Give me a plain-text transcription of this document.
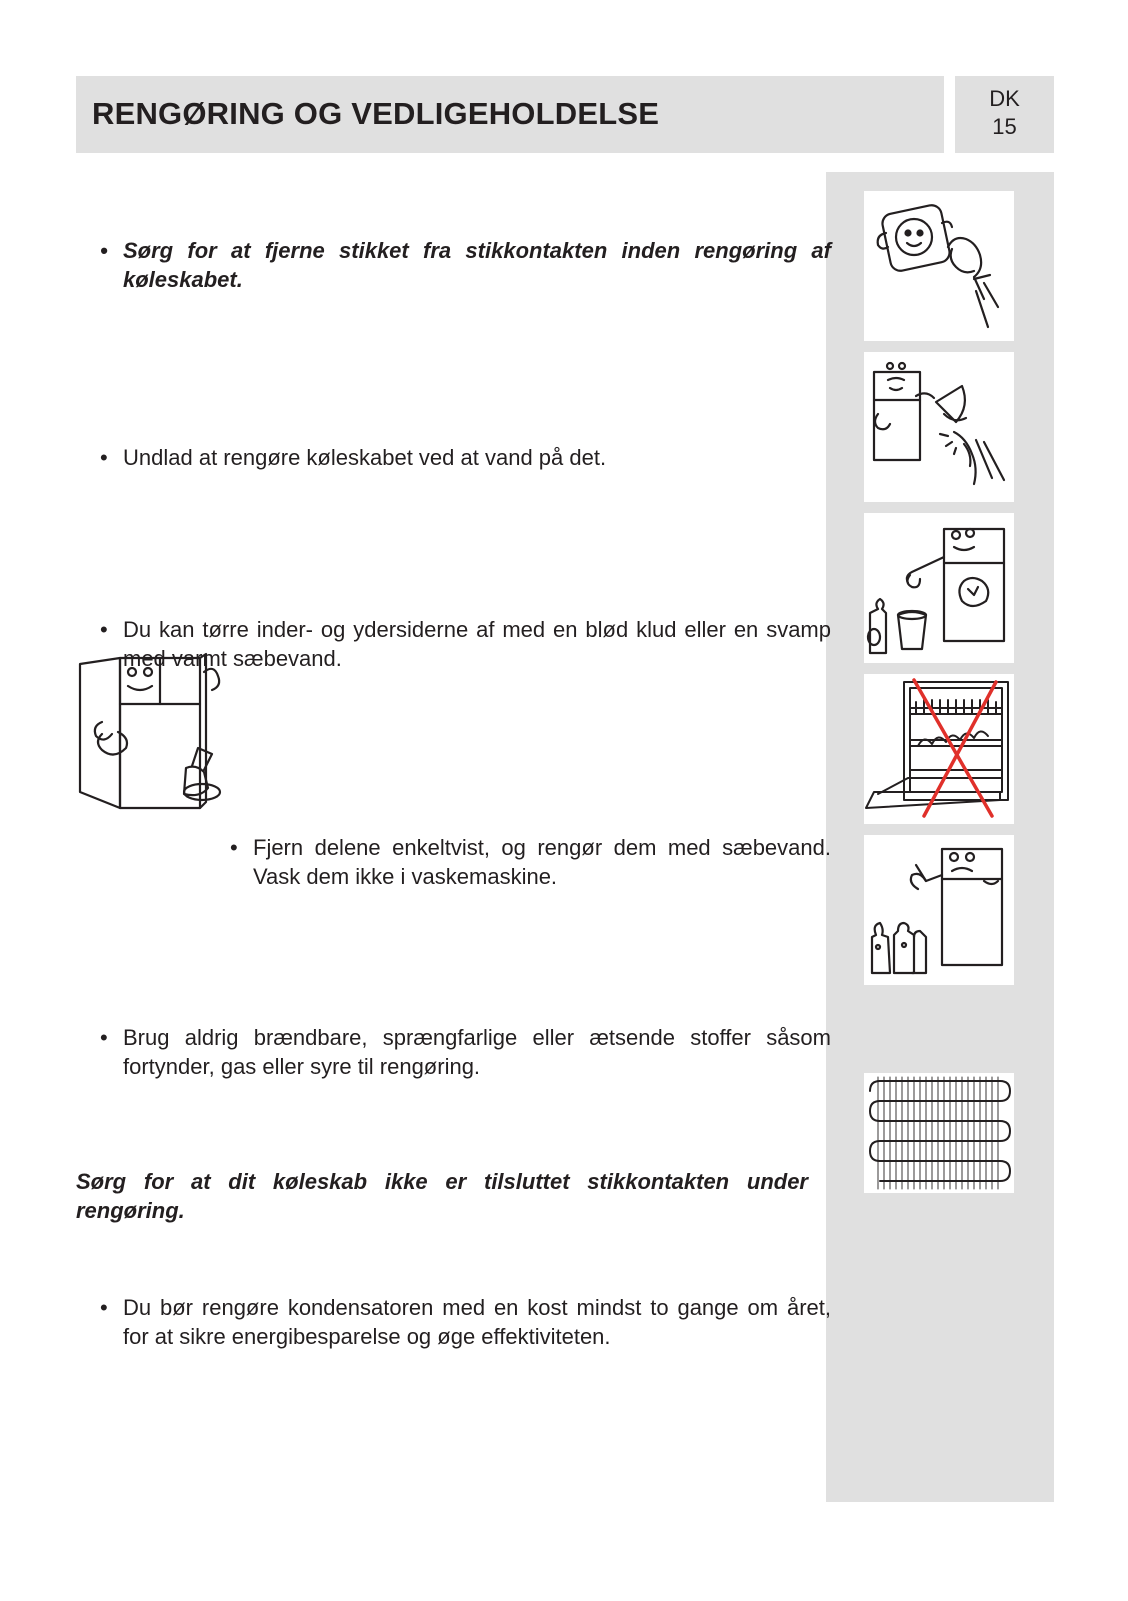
RENGØRING OG VEDLIGEHOLDELSE	DK
15
• Sørg for at fjerne stikket fra stikkontakten inden rengøring af køleskabet.
• Undlad at rengøre køleskabet ved at vand på det.
• Du kan tørre inder- og ydersiderne af med en blød klud eller en svamp med varmt sæbevand.
• Fjern delene enkeltvist, og rengør dem med sæbevand. Vask dem ikke i vaskemaskine.
• Brug aldrig brændbare, sprængfarlige eller ætsende stoffer såsom fortynder, gas eller syre til rengøring.
• Du bør rengøre kondensatoren med en kost mindst to gange om året, for at sikre energibesparelse og øge effektiviteten.
Sørg for at dit køleskab ikke er tilsluttet stikkontakten under rengøring.
